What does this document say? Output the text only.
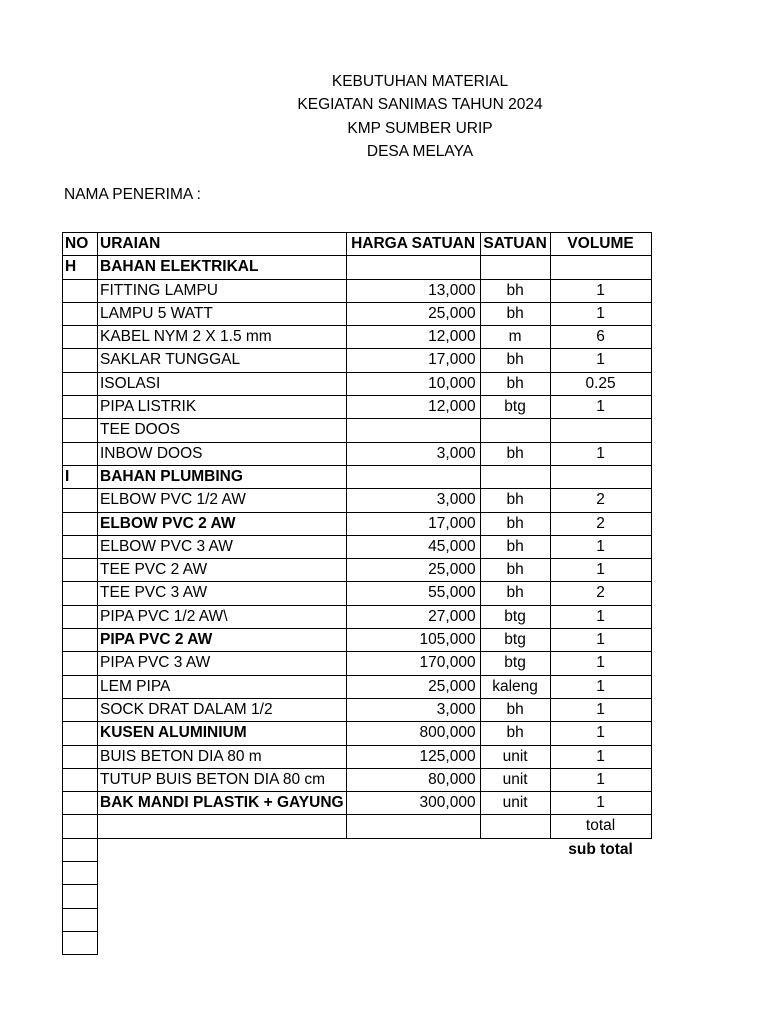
KEBUTUHAN MATERIAL
KEGIATAN SANIMAS TAHUN 2024
KMP SUMBER URIP
DESA MELAYA
NAMA PENERIMA :
NO	URAIAN	HARGA SATUAN	SATUAN	VOLUME
H	BAHAN ELEKTRIKAL			
	FITTING LAMPU	13,000	bh	1
	LAMPU 5 WATT	25,000	bh	1
	KABEL NYM 2 X 1.5 mm	12,000	m	6
	SAKLAR TUNGGAL	17,000	bh	1
	ISOLASI	10,000	bh	0.25
	PIPA LISTRIK	12,000	btg	1
	TEE DOOS			
	INBOW DOOS	3,000	bh	1
I	BAHAN PLUMBING			
	ELBOW PVC 1/2 AW	3,000	bh	2
	ELBOW PVC 2 AW	17,000	bh	2
	ELBOW PVC 3 AW	45,000	bh	1
	TEE PVC 2 AW	25,000	bh	1
	TEE PVC 3 AW	55,000	bh	2
	PIPA PVC 1/2 AW\	27,000	btg	1
	PIPA PVC 2 AW	105,000	btg	1
	PIPA PVC 3 AW	170,000	btg	1
	LEM PIPA	25,000	kaleng	1
	SOCK DRAT DALAM 1/2	3,000	bh	1
	KUSEN ALUMINIUM	800,000	bh	1
	BUIS BETON DIA 80 m	125,000	unit	1
	TUTUP BUIS BETON DIA 80 cm	80,000	unit	1
	BAK MANDI PLASTIK + GAYUNG	300,000	unit	1
				total
				sub total
